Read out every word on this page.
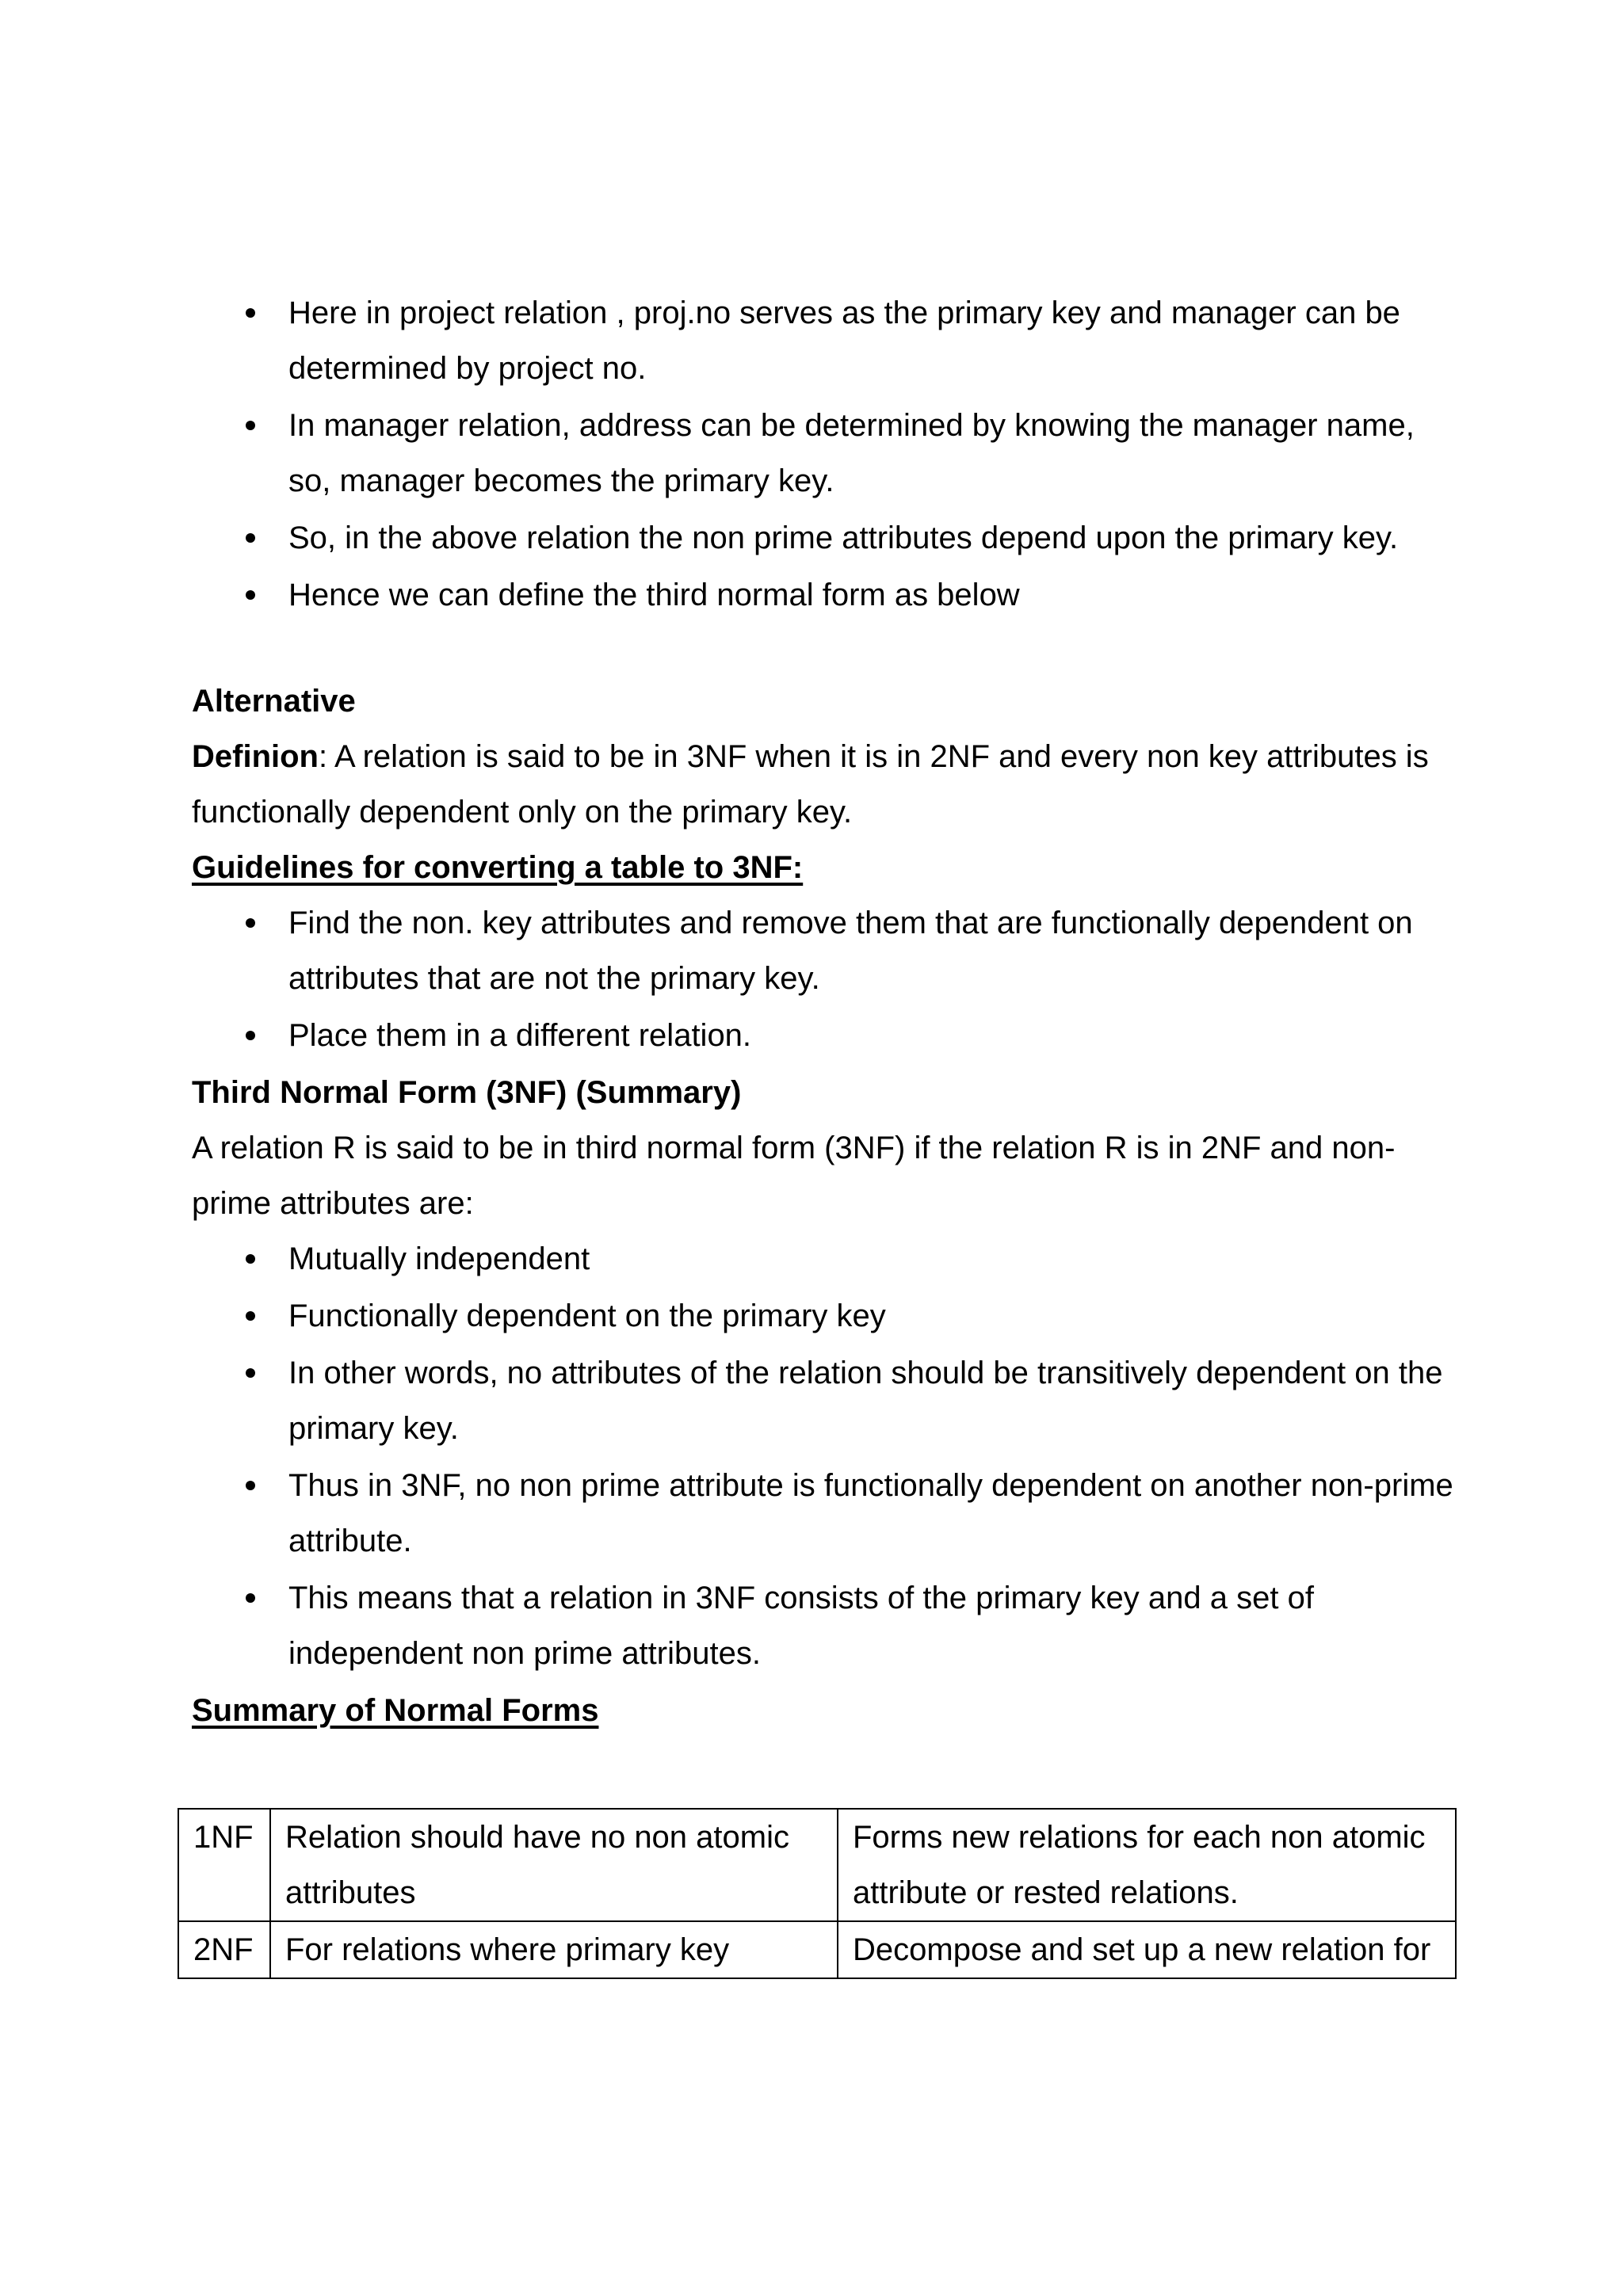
Here in project relation , proj.no serves as the primary key and manager can be determined by project no.
In manager relation, address can be determined by knowing the manager name, so, manager becomes the primary key.
So, in the above relation the non prime attributes depend upon the primary key.
Hence we can define the third normal form as below

Alternative

Definion: A relation is said to be in 3NF when it is in 2NF and every non key attributes is functionally dependent only on the primary key.

Guidelines for converting a table to 3NF:

Find the non. key attributes and remove them that are functionally dependent on attributes that are not the primary key.
Place them in a different relation.

Third Normal Form (3NF) (Summary)

A relation R is said to be in third normal form (3NF) if the relation R is in 2NF and non-prime attributes are:

Mutually independent
Functionally dependent on the primary key
In other words, no attributes of the relation should be transitively dependent on the primary key.
Thus in 3NF, no non prime attribute is functionally dependent on another non-prime attribute.
This means that a relation in 3NF consists of the primary key and a set of independent non prime attributes.

Summary of Normal Forms

1NF	Relation should have no non atomic attributes	Forms new relations for each non atomic attribute or rested relations.
2NF	For relations where primary key	Decompose and set up a new relation for
